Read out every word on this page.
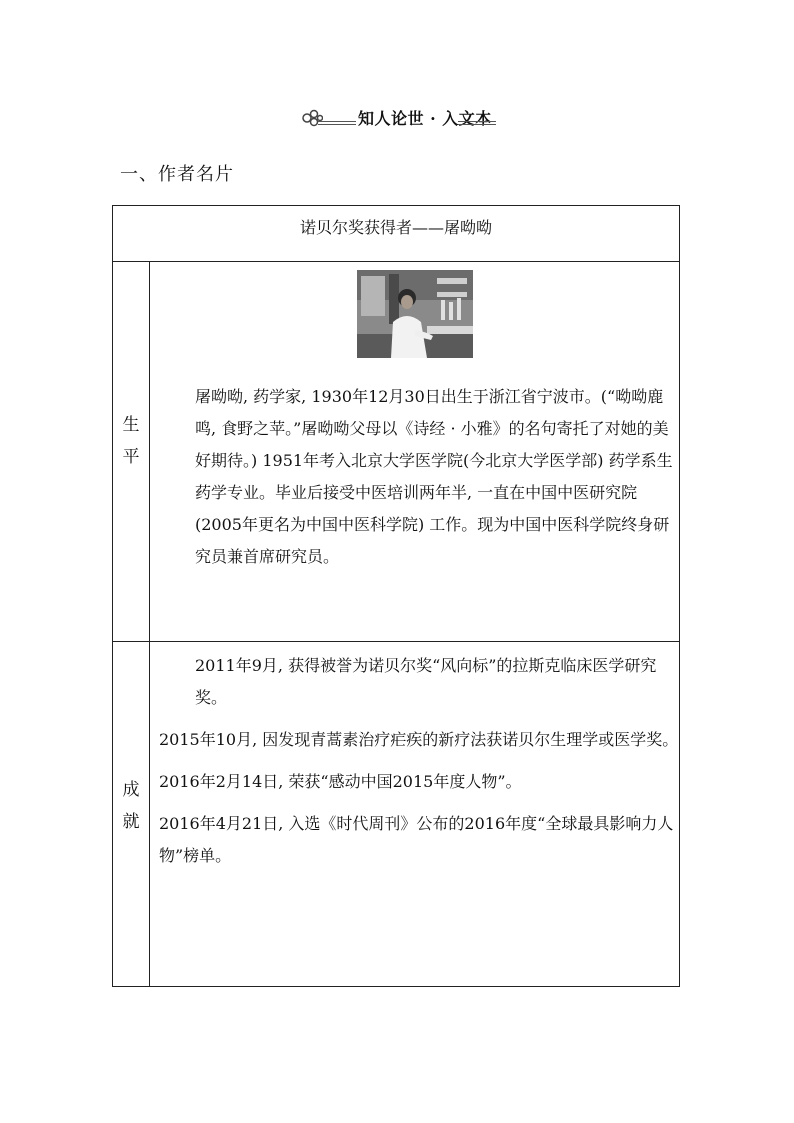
知人论世 · 入文本
一、作者名片
诺贝尔奖获得者——屠呦呦
生
平

屠呦呦, 药学家, 1930年12月30日出生于浙江省宁波市。(“呦呦鹿鸣, 食野之苹。”屠呦呦父母以《诗经 · 小雅》的名句寄托了对她的美好期待。) 1951年考入北京大学医学院(今北京大学医学部) 药学系生药学专业。毕业后接受中医培训两年半, 一直在中国中医研究院(2005年更名为中国中医科学院) 工作。现为中国中医科学院终身研究员兼首席研究员。

成
就

2011年9月, 获得被誉为诺贝尔奖“风向标”的拉斯克临床医学研究奖。

2015年10月, 因发现青蒿素治疗疟疾的新疗法获诺贝尔生理学或医学奖。

2016年2月14日, 荣获“感动中国2015年度人物”。

2016年4月21日, 入选《时代周刊》公布的2016年度“全球最具影响力人物”榜单。
